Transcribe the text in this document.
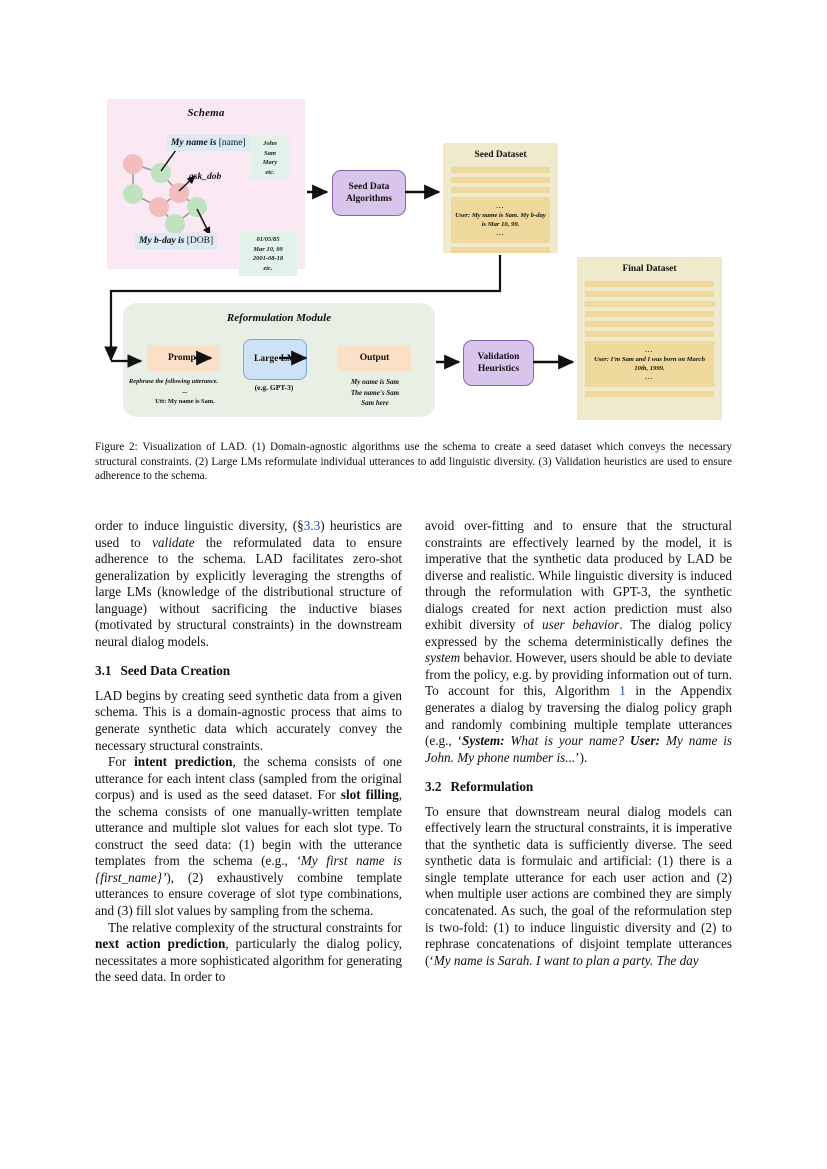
Schema
My name is [name]
ask_dob
My b-day is [DOB]
John
Sam
Mary
etc.
01/05/85
Mar 10, 99
2001-08-18
etc.
Seed Data
Algorithms
Seed Dataset
...
User: My name is Sam. My b-day is Mar 10, 99.
...
Reformulation Module
Prompt	Large LM	Output
(e.g. GPT-3)
Rephrase the following utterance.
...
Utt: My name is Sam.
My name is Sam
The name's Sam
Sam here
Validation
Heuristics
Final Dataset
...
User: I'm Sam and I was born on March 10th, 1999.
...
Figure 2: Visualization of LAD. (1) Domain-agnostic algorithms use the schema to create a seed dataset which conveys the necessary structural constraints. (2) Large LMs reformulate individual utterances to add linguistic diversity. (3) Validation heuristics are used to ensure adherence to the schema.

order to induce linguistic diversity, (§3.3) heuristics are used to validate the reformulated data to ensure adherence to the schema. LAD facilitates zero-shot generalization by explicitly leveraging the strengths of large LMs (knowledge of the distributional structure of language) without sacrificing the inductive biases (motivated by structural constraints) in the downstream neural dialog models.

3.1 Seed Data Creation

LAD begins by creating seed synthetic data from a given schema. This is a domain-agnostic process that aims to generate synthetic data which accurately convey the necessary structural constraints.

For intent prediction, the schema consists of one utterance for each intent class (sampled from the original corpus) and is used as the seed dataset. For slot filling, the schema consists of one manually-written template utterance and multiple slot values for each slot type. To construct the seed data: (1) begin with the utterance templates from the schema (e.g., ‘My first name is {first_name}’), (2) exhaustively combine template utterances to ensure coverage of slot type combinations, and (3) fill slot values by sampling from the schema.

The relative complexity of the structural constraints for next action prediction, particularly the dialog policy, necessitates a more sophisticated algorithm for generating the seed data. In order to

avoid over-fitting and to ensure that the structural constraints are effectively learned by the model, it is imperative that the synthetic data produced by LAD be diverse and realistic. While linguistic diversity is induced through the reformulation with GPT-3, the synthetic dialogs created for next action prediction must also exhibit diversity of user behavior. The dialog policy expressed by the schema deterministically defines the system behavior. However, users should be able to deviate from the policy, e.g. by providing information out of turn. To account for this, Algorithm 1 in the Appendix generates a dialog by traversing the dialog policy graph and randomly combining multiple template utterances (e.g., ‘System: What is your name? User: My name is John. My phone number is...’).

3.2 Reformulation

To ensure that downstream neural dialog models can effectively learn the structural constraints, it is imperative that the synthetic data is sufficiently diverse. The seed synthetic data is formulaic and artificial: (1) there is a single template utterance for each user action and (2) when multiple user actions are combined they are simply concatenated. As such, the goal of the reformulation step is two-fold: (1) to induce linguistic diversity and (2) to rephrase concatenations of disjoint template utterances (‘My name is Sarah. I want to plan a party. The day
